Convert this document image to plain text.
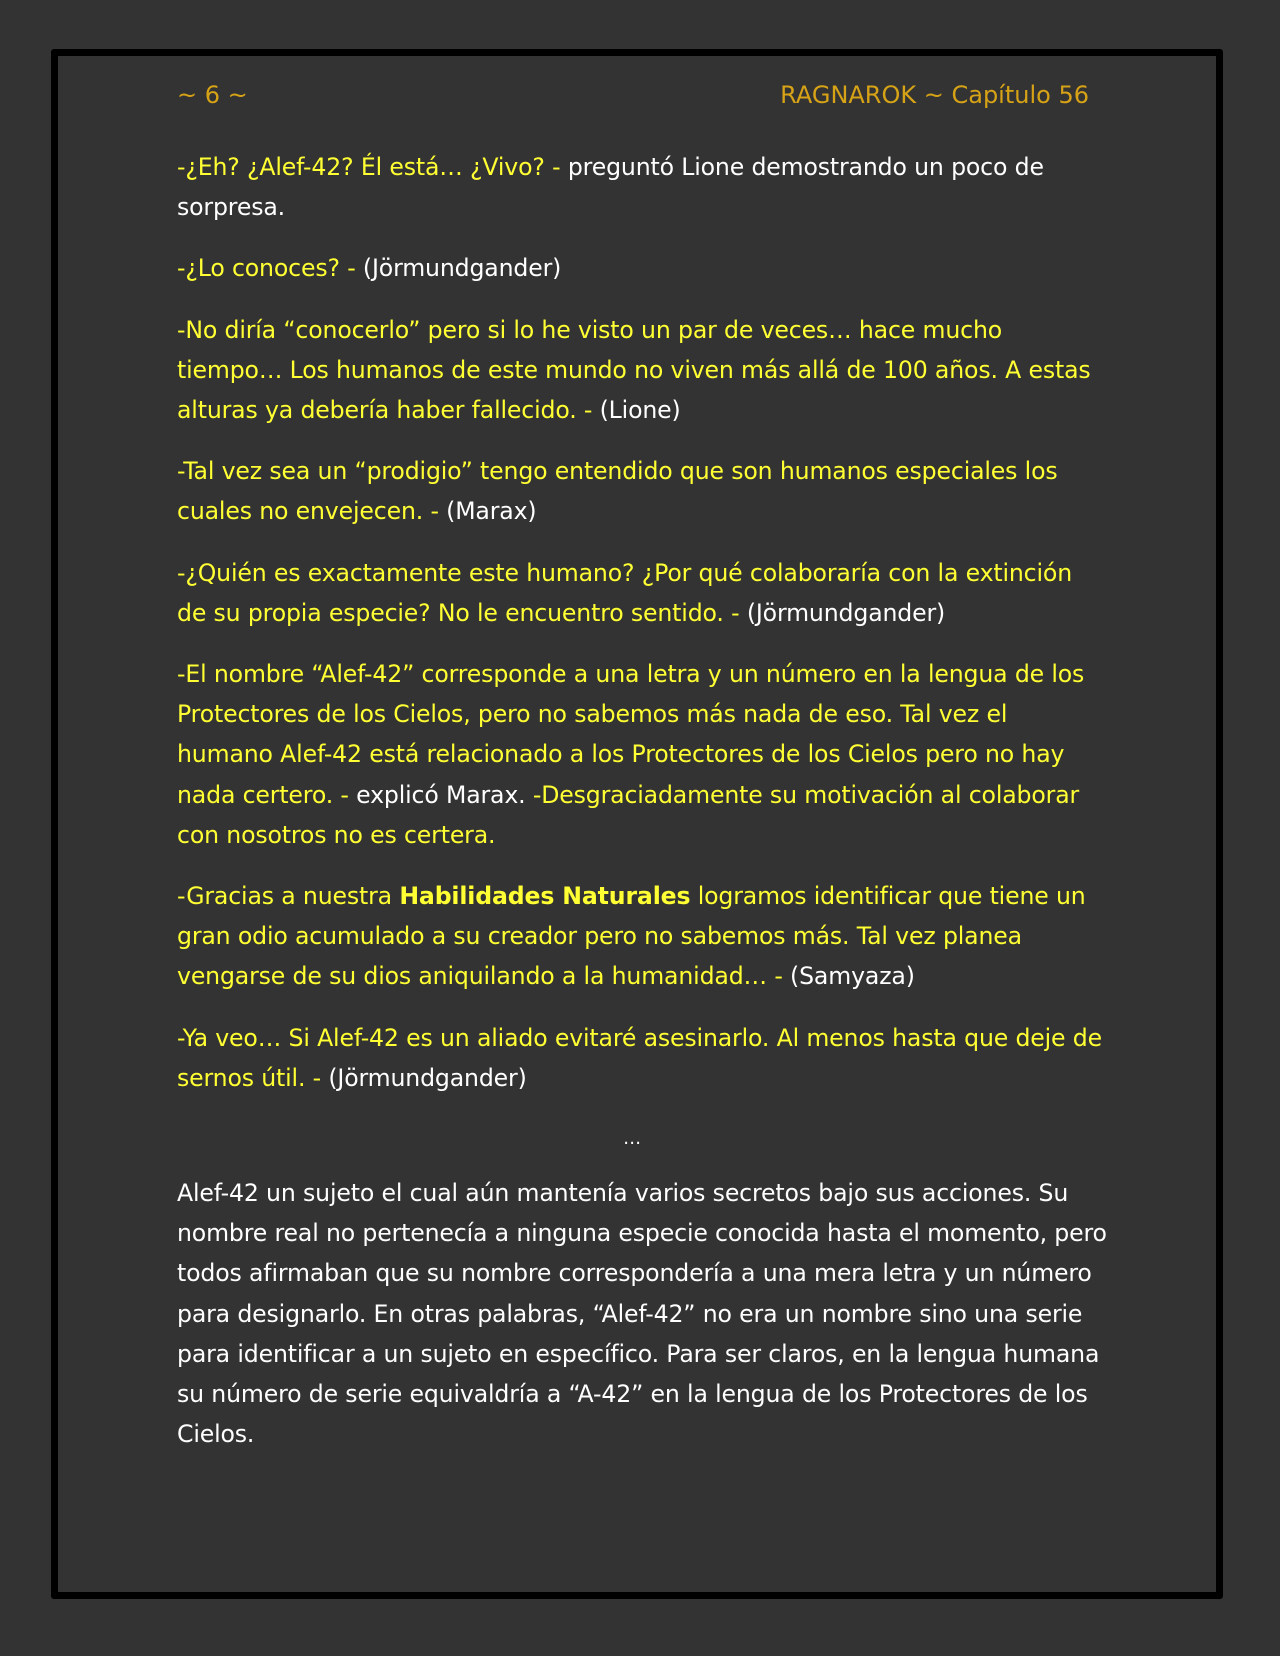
~ 6 ~	RAGNAROK ~ Capítulo 56

-¿Eh? ¿Alef-42? Él está… ¿Vivo? - preguntó Lione demostrando un poco de sorpresa.

-¿Lo conoces? - (Jörmundgander)

-No diría “conocerlo” pero si lo he visto un par de veces… hace mucho tiempo… Los humanos de este mundo no viven más allá de 100 años. A estas alturas ya debería haber fallecido. - (Lione)

-Tal vez sea un “prodigio” tengo entendido que son humanos especiales los cuales no envejecen. - (Marax)

-¿Quién es exactamente este humano? ¿Por qué colaboraría con la extinción de su propia especie? No le encuentro sentido. - (Jörmundgander)

-El nombre “Alef-42” corresponde a una letra y un número en la lengua de los Protectores de los Cielos, pero no sabemos más nada de eso. Tal vez el humano Alef-42 está relacionado a los Protectores de los Cielos pero no hay nada certero. - explicó Marax. -Desgraciadamente su motivación al colaborar con nosotros no es certera.

-Gracias a nuestra Habilidades Naturales logramos identificar que tiene un gran odio acumulado a su creador pero no sabemos más. Tal vez planea vengarse de su dios aniquilando a la humanidad… - (Samyaza)

-Ya veo… Si Alef-42 es un aliado evitaré asesinarlo. Al menos hasta que deje de sernos útil. - (Jörmundgander)

…

Alef-42 un sujeto el cual aún mantenía varios secretos bajo sus acciones. Su nombre real no pertenecía a ninguna especie conocida hasta el momento, pero todos afirmaban que su nombre correspondería a una mera letra y un número para designarlo. En otras palabras, “Alef-42” no era un nombre sino una serie para identificar a un sujeto en específico. Para ser claros, en la lengua humana su número de serie equivaldría a “A-42” en la lengua de los Protectores de los Cielos.
